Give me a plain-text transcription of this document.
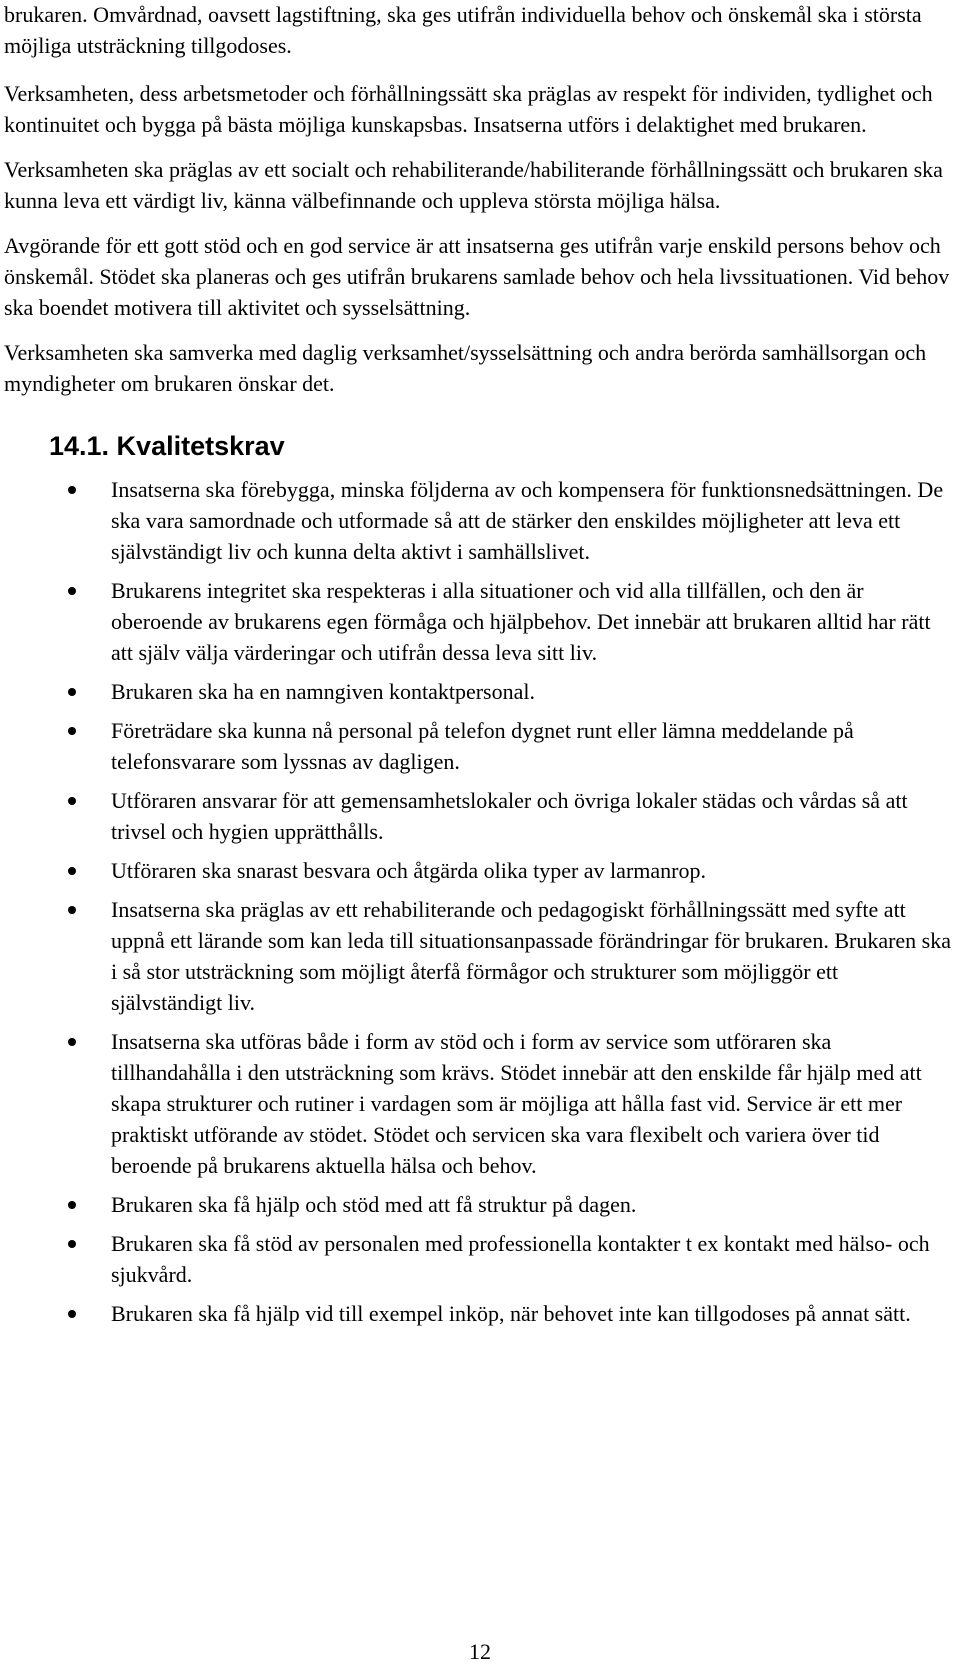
brukaren. Omvårdnad, oavsett lagstiftning, ska ges utifrån individuella behov och önskemål ska i största möjliga utsträckning tillgodoses.

Verksamheten, dess arbetsmetoder och förhållningssätt ska präglas av respekt för individen, tydlighet och kontinuitet och bygga på bästa möjliga kunskapsbas. Insatserna utförs i delaktighet med brukaren.

Verksamheten ska präglas av ett socialt och rehabiliterande/habiliterande förhållningssätt och brukaren ska kunna leva ett värdigt liv, känna välbefinnande och uppleva största möjliga hälsa.

Avgörande för ett gott stöd och en god service är att insatserna ges utifrån varje enskild persons behov och önskemål. Stödet ska planeras och ges utifrån brukarens samlade behov och hela livssituationen. Vid behov ska boendet motivera till aktivitet och sysselsättning.

Verksamheten ska samverka med daglig verksamhet/sysselsättning och andra berörda samhällsorgan och myndigheter om brukaren önskar det.

14.1. Kvalitetskrav
Insatserna ska förebygga, minska följderna av och kompensera för funktionsnedsättningen. De ska vara samordnade och utformade så att de stärker den enskildes möjligheter att leva ett självständigt liv och kunna delta aktivt i samhällslivet.
Brukarens integritet ska respekteras i alla situationer och vid alla tillfällen, och den är oberoende av brukarens egen förmåga och hjälpbehov. Det innebär att brukaren alltid har rätt att själv välja värderingar och utifrån dessa leva sitt liv.
Brukaren ska ha en namngiven kontaktpersonal.
Företrädare ska kunna nå personal på telefon dygnet runt eller lämna meddelande på telefonsvarare som lyssnas av dagligen.
Utföraren ansvarar för att gemensamhetslokaler och övriga lokaler städas och vårdas så att trivsel och hygien upprätthålls.
Utföraren ska snarast besvara och åtgärda olika typer av larmanrop.
Insatserna ska präglas av ett rehabiliterande och pedagogiskt förhållningssätt med syfte att uppnå ett lärande som kan leda till situationsanpassade förändringar för brukaren. Brukaren ska i så stor utsträckning som möjligt återfå förmågor och strukturer som möjliggör ett självständigt liv.
Insatserna ska utföras både i form av stöd och i form av service som utföraren ska tillhandahålla i den utsträckning som krävs. Stödet innebär att den enskilde får hjälp med att skapa strukturer och rutiner i vardagen som är möjliga att hålla fast vid. Service är ett mer praktiskt utförande av stödet. Stödet och servicen ska vara flexibelt och variera över tid beroende på brukarens aktuella hälsa och behov.
Brukaren ska få hjälp och stöd med att få struktur på dagen.
Brukaren ska få stöd av personalen med professionella kontakter t ex kontakt med hälso- och sjukvård.
Brukaren ska få hjälp vid till exempel inköp, när behovet inte kan tillgodoses på annat sätt.
12
